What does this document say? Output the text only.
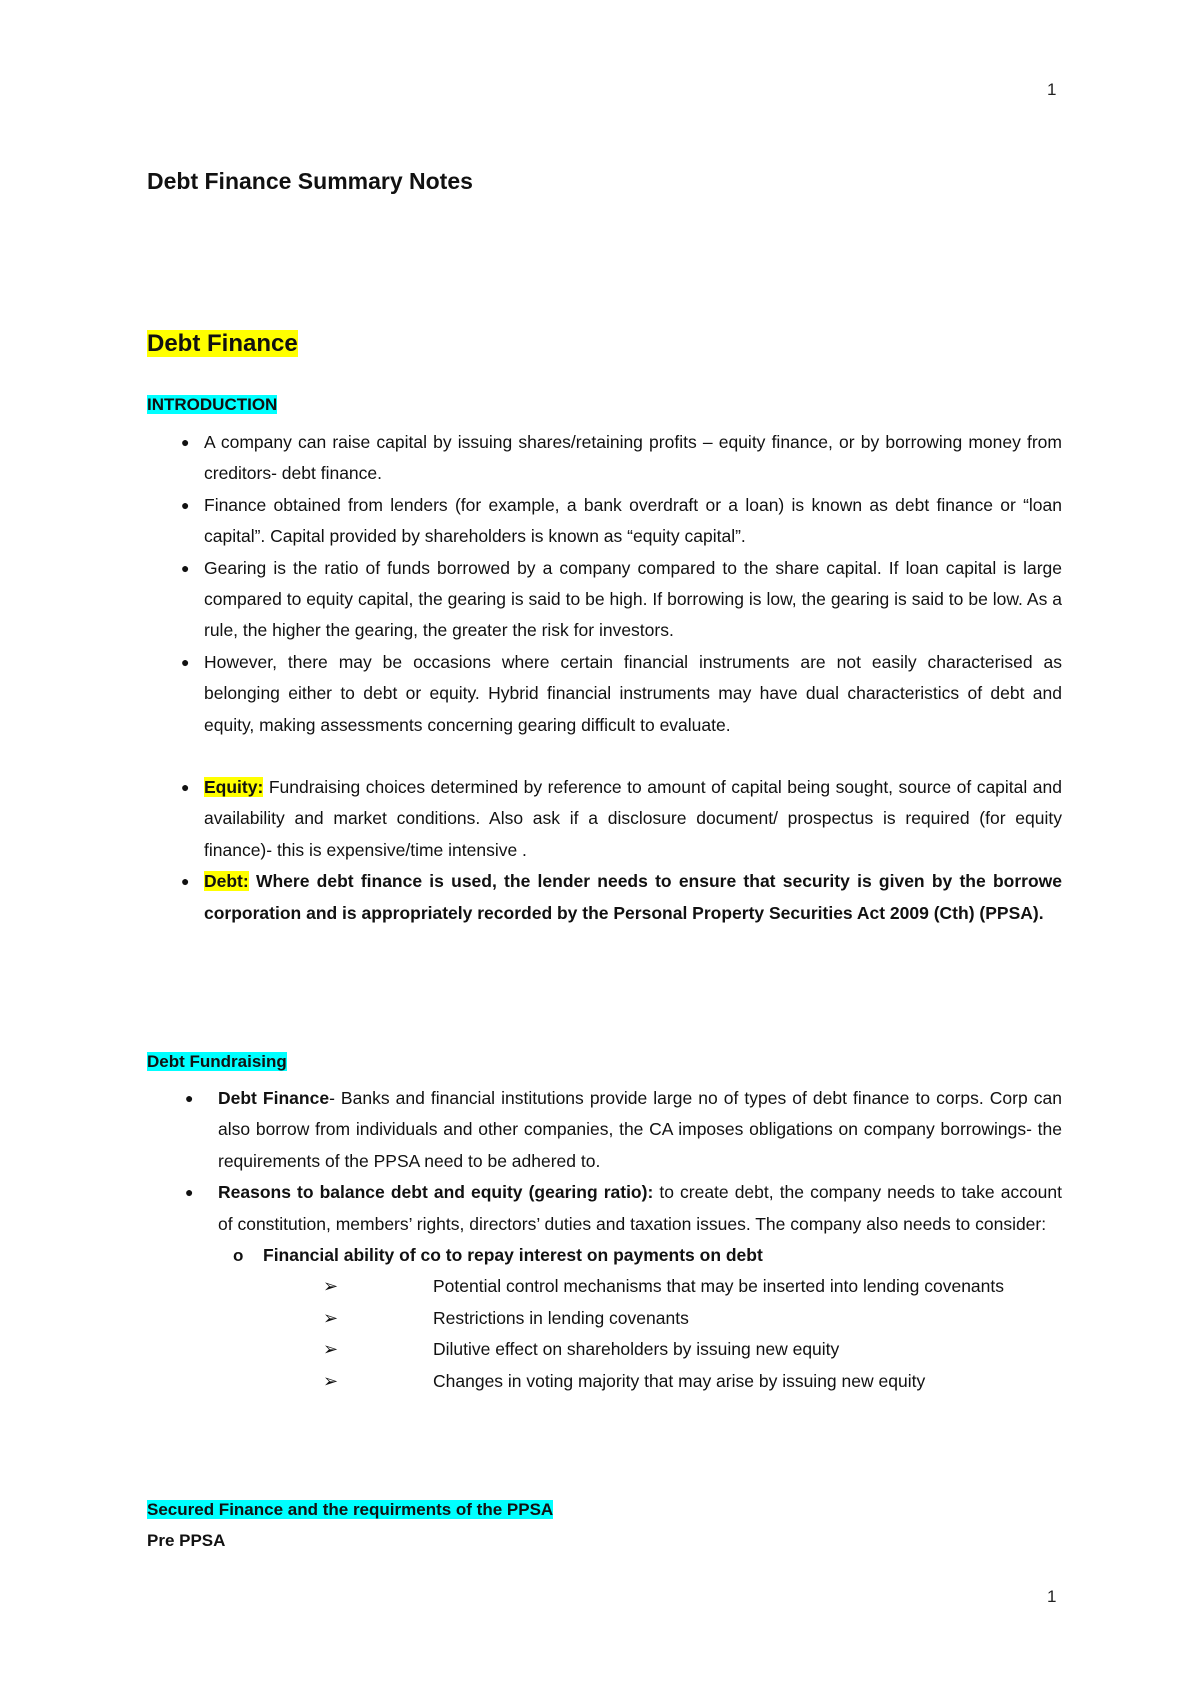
1
Debt Finance Summary Notes
Debt Finance
INTRODUCTION
● A company can raise capital by issuing shares/retaining profits – equity finance, or by borrowing money from creditors- debt finance.
● Finance obtained from lenders (for example, a bank overdraft or a loan) is known as debt finance or “loan capital”. Capital provided by shareholders is known as “equity capital”.
● Gearing is the ratio of funds borrowed by a company compared to the share capital. If loan capital is large compared to equity capital, the gearing is said to be high. If borrowing is low, the gearing is said to be low. As a rule, the higher the gearing, the greater the risk for investors.
● However, there may be occasions where certain financial instruments are not easily characterised as belonging either to debt or equity. Hybrid financial instruments may have dual characteristics of debt and equity, making assessments concerning gearing difficult to evaluate.
● Equity: Fundraising choices determined by reference to amount of capital being sought, source of capital and availability and market conditions. Also ask if a disclosure document/ prospectus is required (for equity finance)- this is expensive/time intensive .
● Debt: Where debt finance is used, the lender needs to ensure that security is given by the borrowe corporation and is appropriately recorded by the Personal Property Securities Act 2009 (Cth) (PPSA).
Debt Fundraising
● Debt Finance- Banks and financial institutions provide large no of types of debt finance to corps. Corp can also borrow from individuals and other companies, the CA imposes obligations on company borrowings- the requirements of the PPSA need to be adhered to.
● Reasons to balance debt and equity (gearing ratio): to create debt, the company needs to take account of constitution, members’ rights, directors’ duties and taxation issues. The company also needs to consider:
o Financial ability of co to repay interest on payments on debt
➢	Potential control mechanisms that may be inserted into lending covenants
➢	Restrictions in lending covenants
➢	Dilutive effect on shareholders by issuing new equity
➢	Changes in voting majority that may arise by issuing new equity
Secured Finance and the requirments of the PPSA
Pre PPSA
1
